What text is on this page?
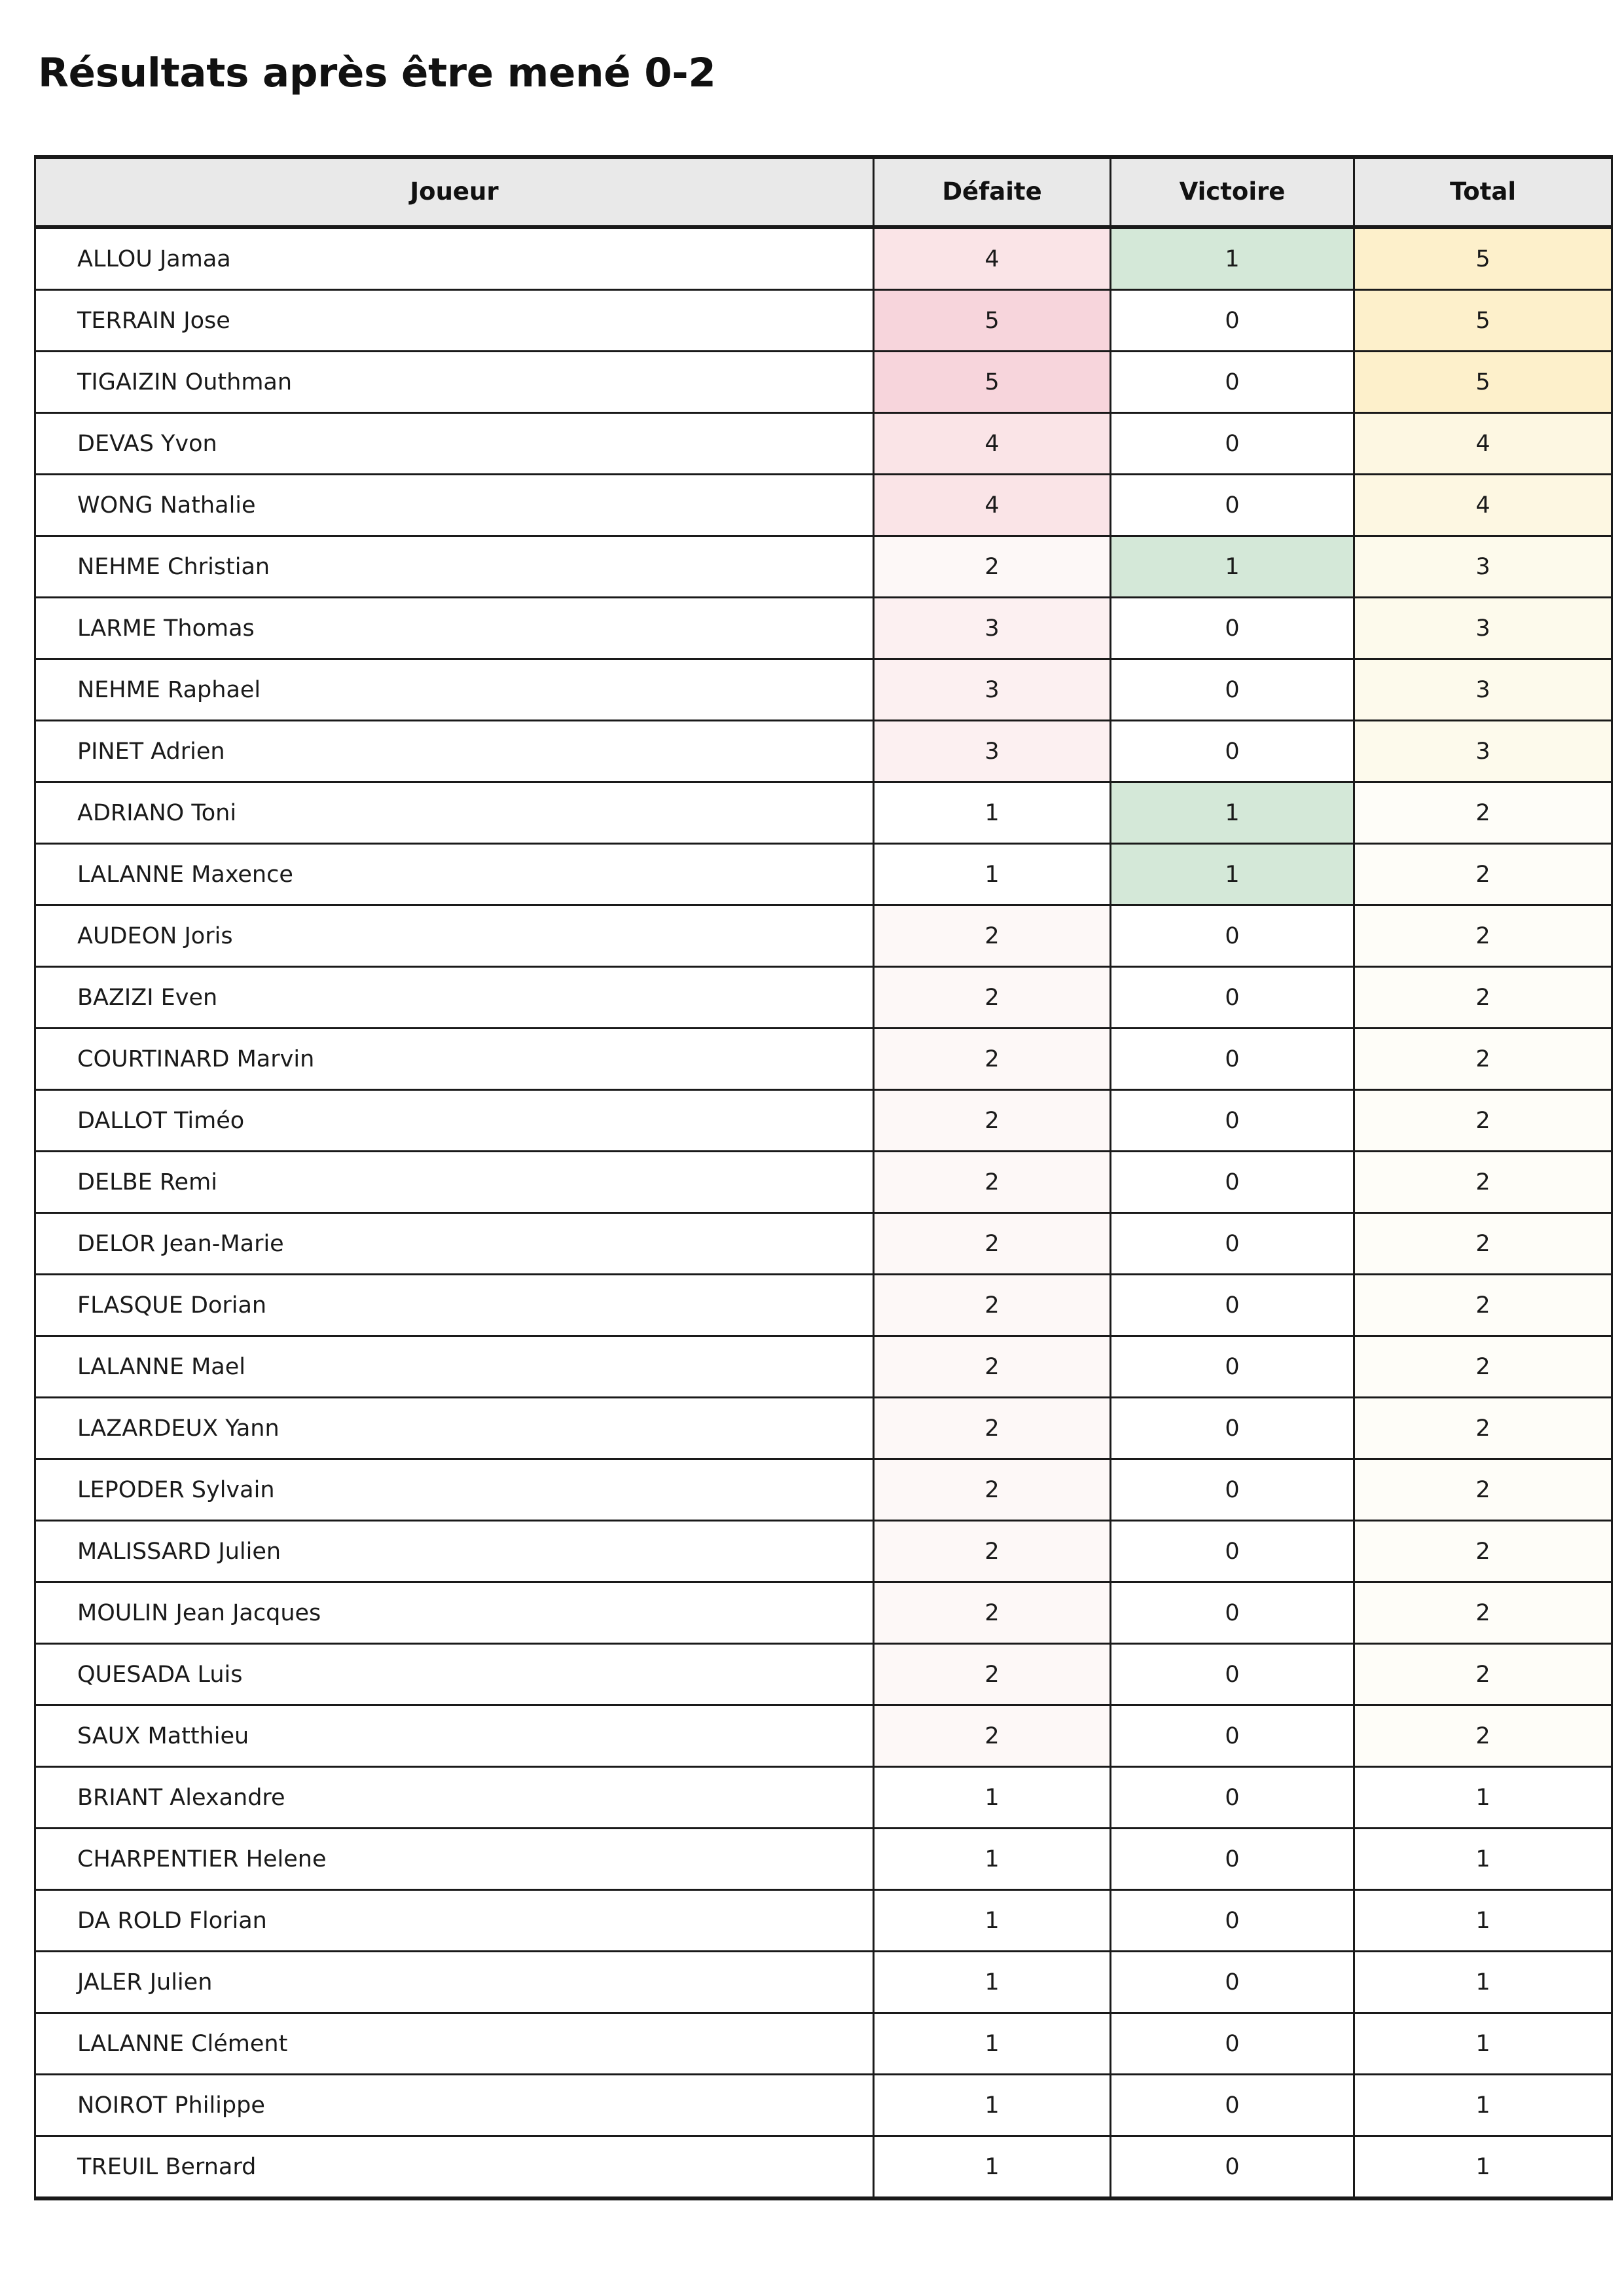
Résultats après être mené 0-2
Joueur	Défaite	Victoire	Total
ALLOU Jamaa	4	1	5
TERRAIN Jose	5	0	5
TIGAIZIN Outhman	5	0	5
DEVAS Yvon	4	0	4
WONG Nathalie	4	0	4
NEHME Christian	2	1	3
LARME Thomas	3	0	3
NEHME Raphael	3	0	3
PINET Adrien	3	0	3
ADRIANO Toni	1	1	2
LALANNE Maxence	1	1	2
AUDEON Joris	2	0	2
BAZIZI Even	2	0	2
COURTINARD Marvin	2	0	2
DALLOT Timéo	2	0	2
DELBE Remi	2	0	2
DELOR Jean-Marie	2	0	2
FLASQUE Dorian	2	0	2
LALANNE Mael	2	0	2
LAZARDEUX Yann	2	0	2
LEPODER Sylvain	2	0	2
MALISSARD Julien	2	0	2
MOULIN Jean Jacques	2	0	2
QUESADA Luis	2	0	2
SAUX Matthieu	2	0	2
BRIANT Alexandre	1	0	1
CHARPENTIER Helene	1	0	1
DA ROLD Florian	1	0	1
JALER Julien	1	0	1
LALANNE Clément	1	0	1
NOIROT Philippe	1	0	1
TREUIL Bernard	1	0	1
